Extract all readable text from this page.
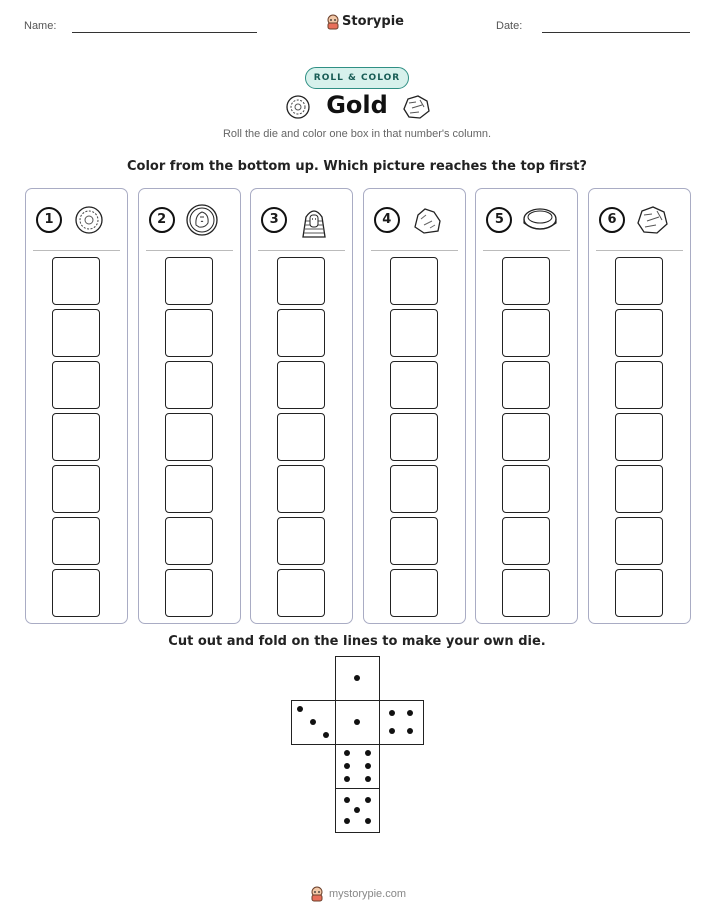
Name:	Storypie	Date:
ROLL & COLOR
Gold
Roll the die and color one box in that number's column.
Color from the bottom up. Which picture reaches the top first?
1	2	3	4	5	6
Cut out and fold on the lines to make your own die.
mystorypie.com
